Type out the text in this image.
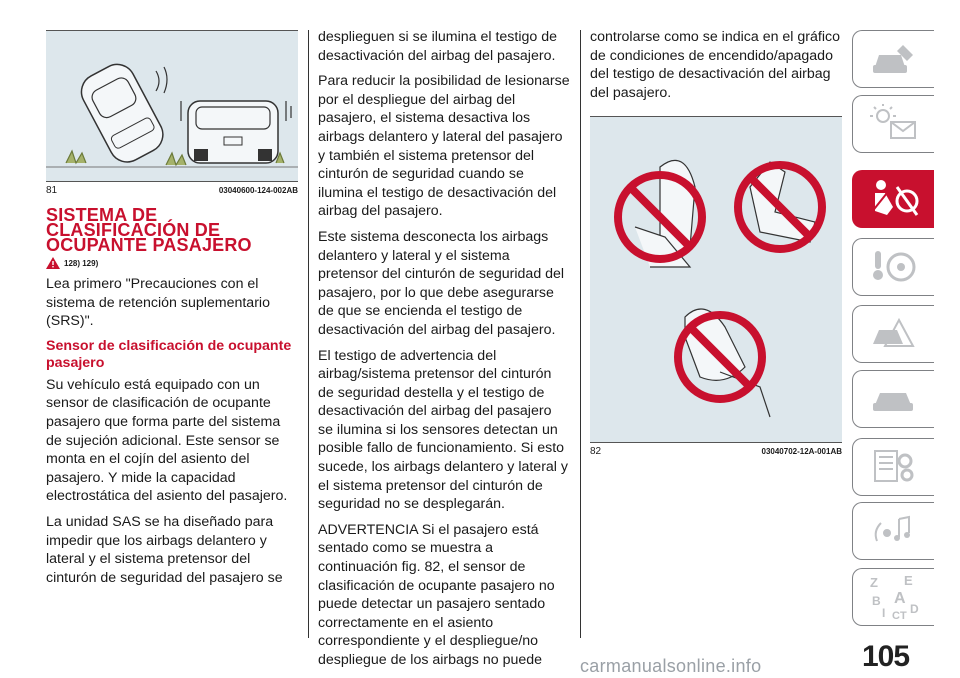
81	03040600-124-002AB
SISTEMA DE
CLASIFICACIÓN DE
OCUPANTE PASAJERO
128) 129)

Lea primero "Precauciones con el sistema de retención suplementario (SRS)".

Sensor de clasificación de ocupante pasajero

Su vehículo está equipado con un sensor de clasificación de ocupante pasajero que forma parte del sistema de sujeción adicional. Este sensor se monta en el cojín del asiento del pasajero. Y mide la capacidad electrostática del asiento del pasajero.

La unidad SAS se ha diseñado para impedir que los airbags delantero y lateral y el sistema pretensor del cinturón de seguridad del pasajero se

desplieguen si se ilumina el testigo de desactivación del airbag del pasajero.

Para reducir la posibilidad de lesionarse por el despliegue del airbag del pasajero, el sistema desactiva los airbags delantero y lateral del pasajero y también el sistema pretensor del cinturón de seguridad cuando se ilumina el testigo de desactivación del airbag del pasajero.

Este sistema desconecta los airbags delantero y lateral y el sistema pretensor del cinturón de seguridad del pasajero, por lo que debe asegurarse de que se encienda el testigo de desactivación del airbag del pasajero.

El testigo de advertencia del airbag/sistema pretensor del cinturón de seguridad destella y el testigo de desactivación del airbag del pasajero se ilumina si los sensores detectan un posible fallo de funcionamiento. Si esto sucede, los airbags delantero y lateral y el sistema pretensor del cinturón de seguridad no se desplegarán.

ADVERTENCIA Si el pasajero está sentado como se muestra a continuación fig. 82, el sensor de clasificación de ocupante pasajero no puede detectar un pasajero sentado correctamente en el asiento correspondiente y el despliegue/no despliegue de los airbags no puede

controlarse como se indica en el gráfico de condiciones de encendido/apagado del testigo de desactivación del airbag del pasajero.

82	03040702-12A-001AB
Z E
B A
I C T D
105
carmanualsonline.info
